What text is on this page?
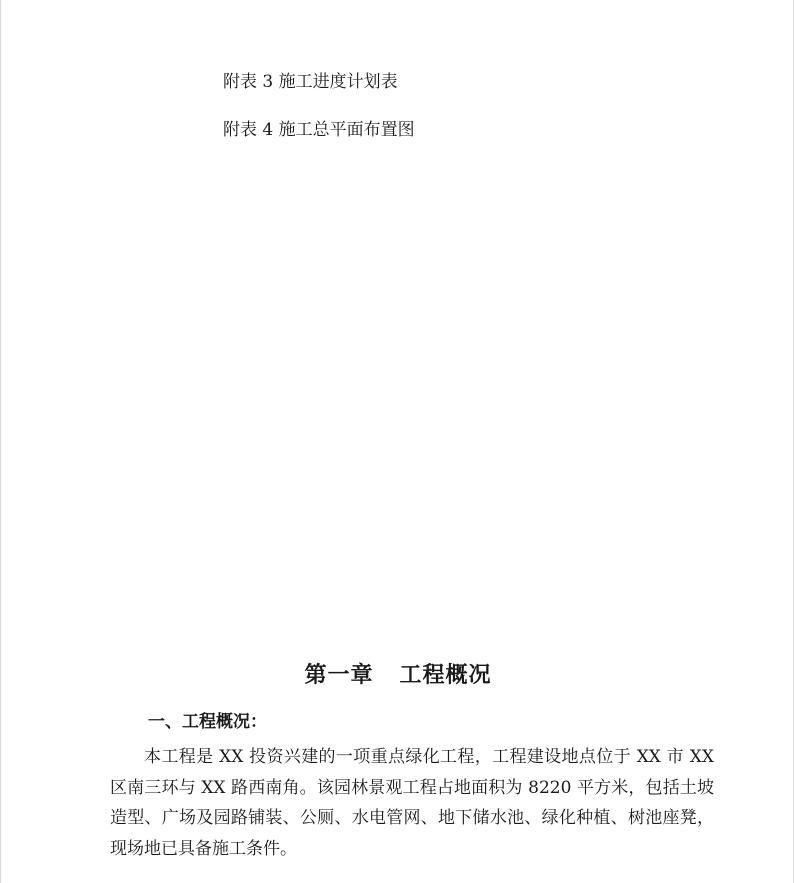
附表 3 施工进度计划表
附表 4 施工总平面布置图
第一章   工程概况
一、工程概况：

本工程是 XX 投资兴建的一项重点绿化工程，工程建设地点位于 XX 市 XX 区南三环与 XX 路西南角。该园林景观工程占地面积为 8220 平方米，包括土坡造型、广场及园路铺装、公厕、水电管网、地下储水池、绿化种植、树池座凳，现场地已具备施工条件。
